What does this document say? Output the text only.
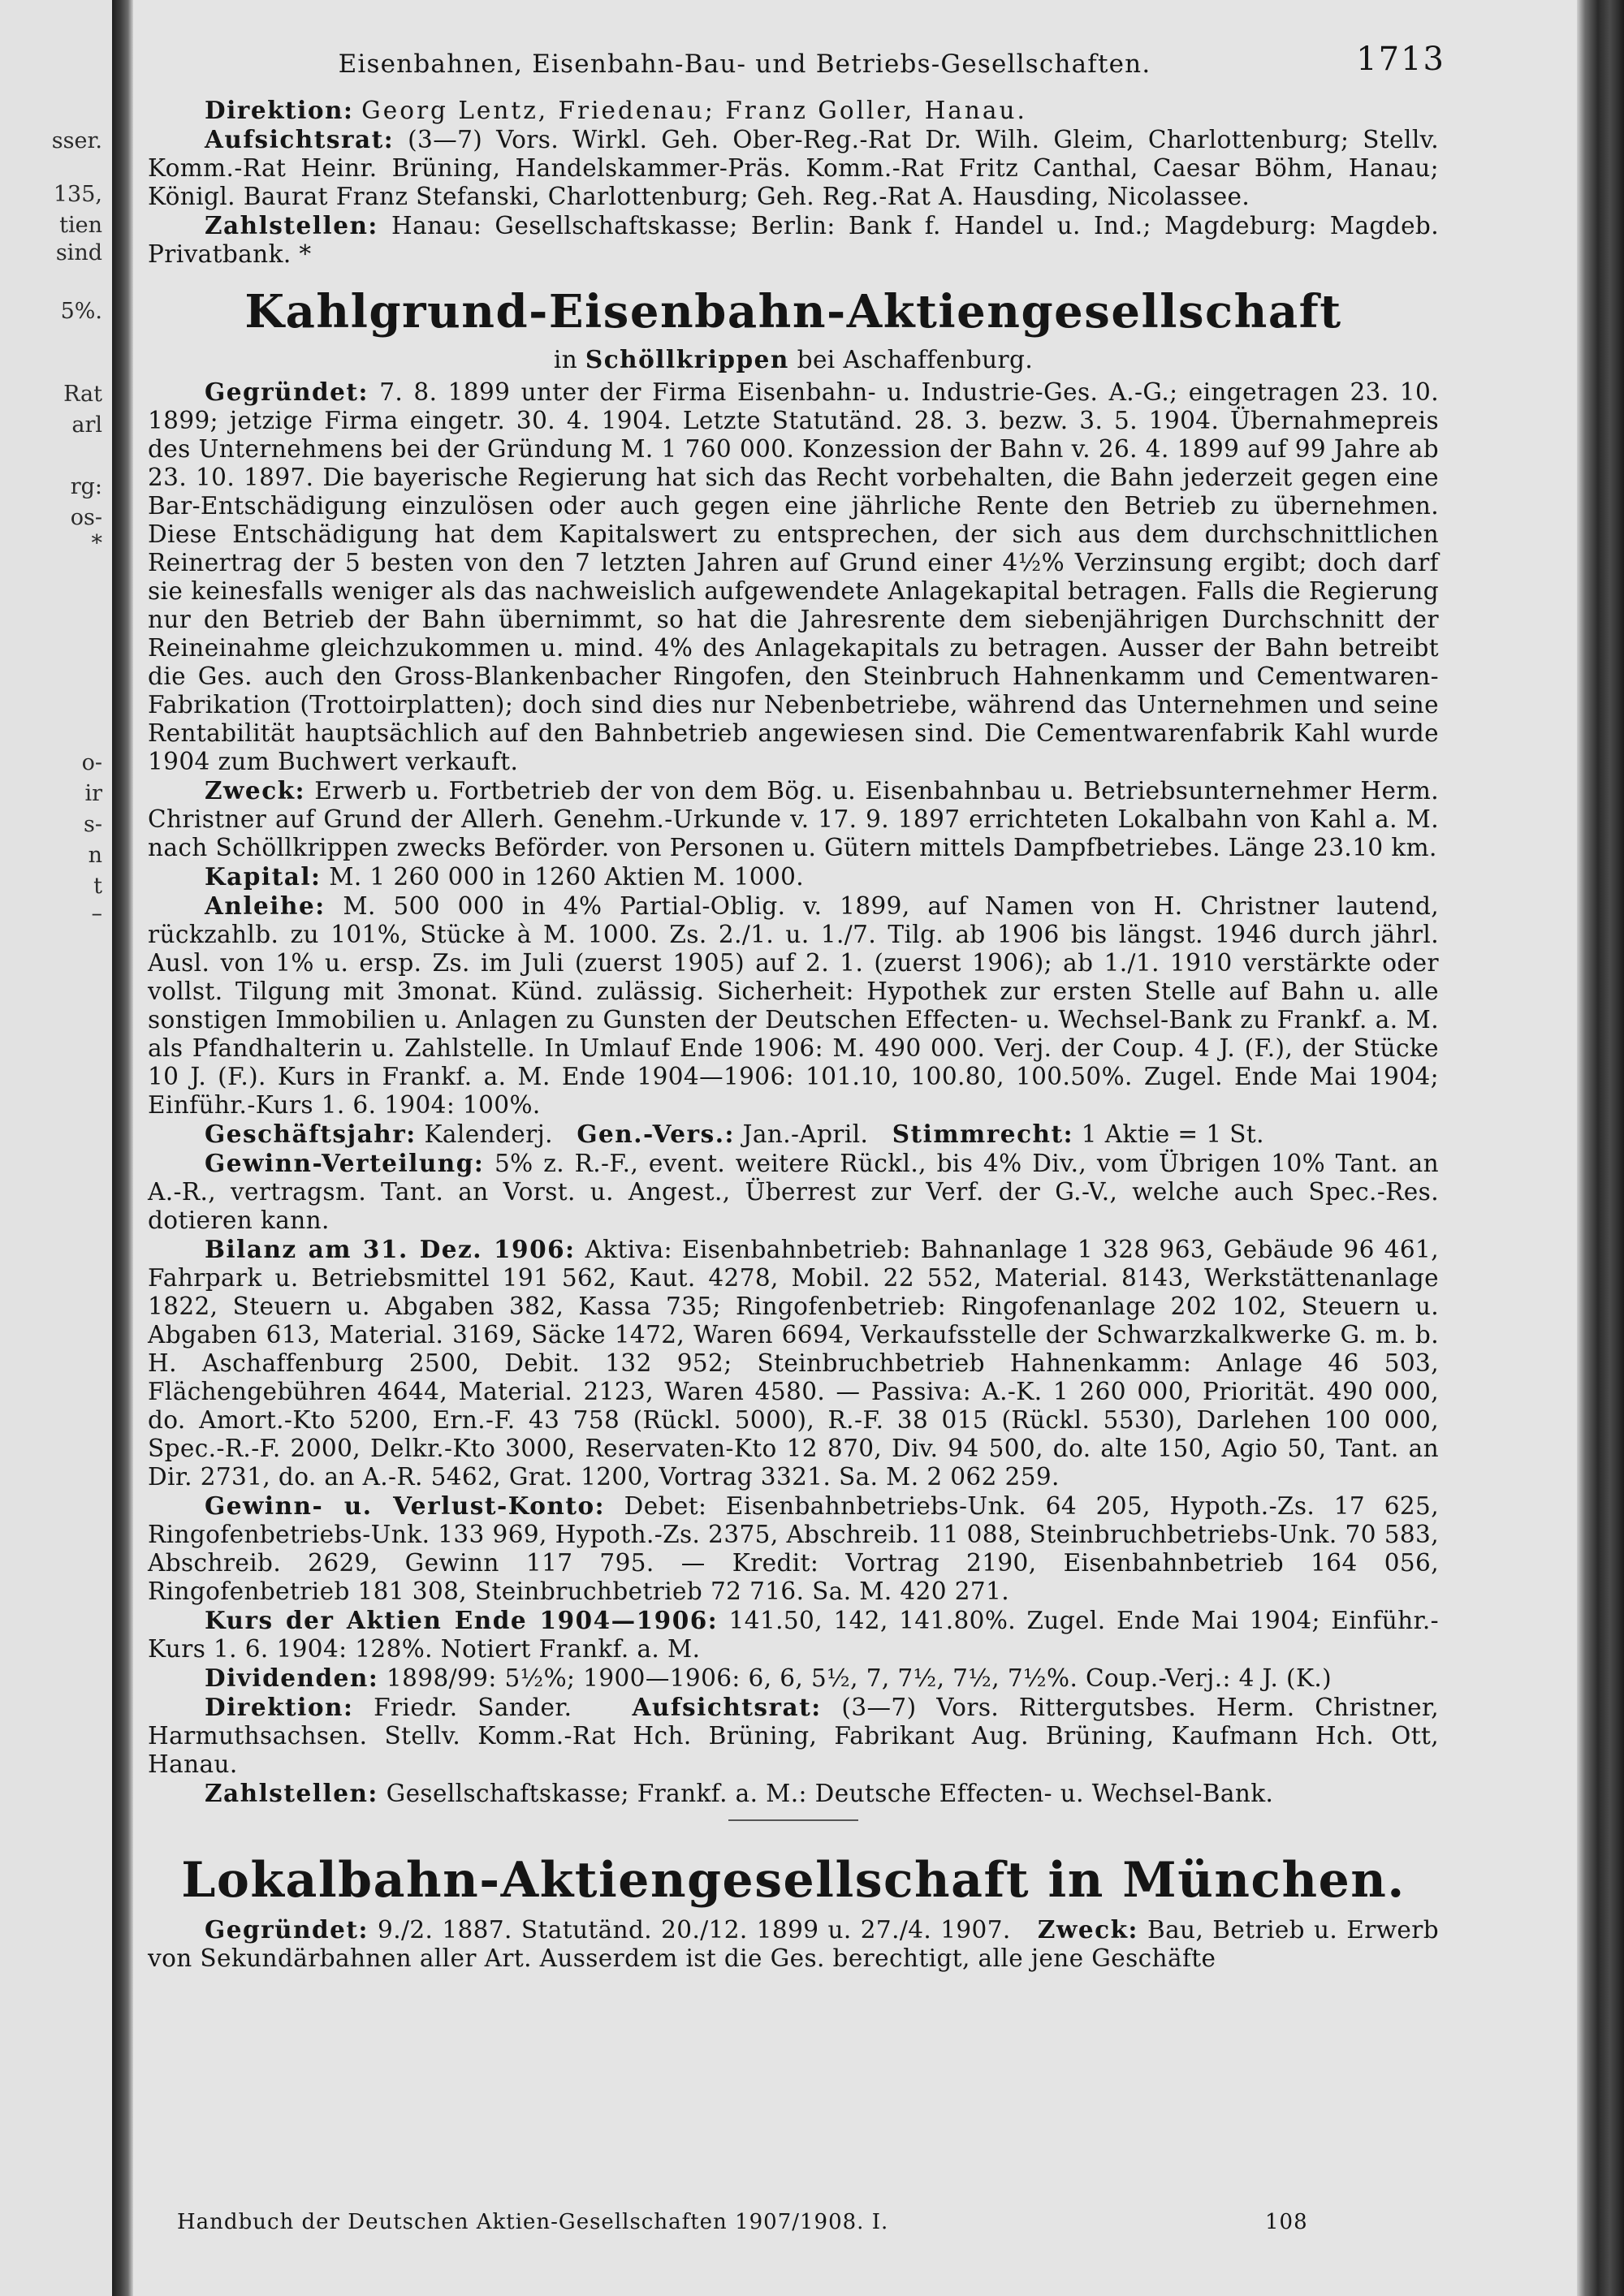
sser.
135,
tien
sind
5%.
Rat
arl
rg:
os-
*
o-
ir
s-
n
t
–
Eisenbahnen, Eisenbahn-Bau- und Betriebs-Gesellschaften.	1713

Direktion: Georg Lentz, Friedenau; Franz Goller, Hanau.

Aufsichtsrat: (3—7) Vors. Wirkl. Geh. Ober-Reg.-Rat Dr. Wilh. Gleim, Charlottenburg; Stellv. Komm.-Rat Heinr. Brüning, Handelskammer-Präs. Komm.-Rat Fritz Canthal, Caesar Böhm, Hanau; Königl. Baurat Franz Stefanski, Charlottenburg; Geh. Reg.-Rat A. Hausding, Nicolassee.

Zahlstellen: Hanau: Gesellschaftskasse; Berlin: Bank f. Handel u. Ind.; Magdeburg: Magdeb. Privatbank. *

Kahlgrund-Eisenbahn-Aktiengesellschaft
in Schöllkrippen bei Aschaffenburg.

Gegründet: 7. 8. 1899 unter der Firma Eisenbahn- u. Industrie-Ges. A.-G.; eingetragen 23. 10. 1899; jetzige Firma eingetr. 30. 4. 1904. Letzte Statutänd. 28. 3. bezw. 3. 5. 1904. Übernahmepreis des Unternehmens bei der Gründung M. 1 760 000. Konzession der Bahn v. 26. 4. 1899 auf 99 Jahre ab 23. 10. 1897. Die bayerische Regierung hat sich das Recht vorbehalten, die Bahn jederzeit gegen eine Bar-Entschädigung einzulösen oder auch gegen eine jährliche Rente den Betrieb zu übernehmen. Diese Entschädigung hat dem Kapitalswert zu entsprechen, der sich aus dem durchschnittlichen Reinertrag der 5 besten von den 7 letzten Jahren auf Grund einer 4½% Verzinsung ergibt; doch darf sie keinesfalls weniger als das nachweislich aufgewendete Anlagekapital betragen. Falls die Regierung nur den Betrieb der Bahn übernimmt, so hat die Jahresrente dem siebenjährigen Durchschnitt der Reineinahme gleichzukommen u. mind. 4% des Anlagekapitals zu betragen. Ausser der Bahn betreibt die Ges. auch den Gross-Blankenbacher Ringofen, den Steinbruch Hahnenkamm und Cementwaren-Fabrikation (Trottoirplatten); doch sind dies nur Nebenbetriebe, während das Unternehmen und seine Rentabilität hauptsächlich auf den Bahnbetrieb angewiesen sind. Die Cementwarenfabrik Kahl wurde 1904 zum Buchwert verkauft.

Zweck: Erwerb u. Fortbetrieb der von dem Bög. u. Eisenbahnbau u. Betriebsunternehmer Herm. Christner auf Grund der Allerh. Genehm.-Urkunde v. 17. 9. 1897 errichteten Lokalbahn von Kahl a. M. nach Schöllkrippen zwecks Beförder. von Personen u. Gütern mittels Dampfbetriebes. Länge 23.10 km.

Kapital: M. 1 260 000 in 1260 Aktien M. 1000.

Anleihe: M. 500 000 in 4% Partial-Oblig. v. 1899, auf Namen von H. Christner lautend, rückzahlb. zu 101%, Stücke à M. 1000. Zs. 2./1. u. 1./7. Tilg. ab 1906 bis längst. 1946 durch jährl. Ausl. von 1% u. ersp. Zs. im Juli (zuerst 1905) auf 2. 1. (zuerst 1906); ab 1./1. 1910 verstärkte oder vollst. Tilgung mit 3monat. Künd. zulässig. Sicherheit: Hypothek zur ersten Stelle auf Bahn u. alle sonstigen Immobilien u. Anlagen zu Gunsten der Deutschen Effecten- u. Wechsel-Bank zu Frankf. a. M. als Pfandhalterin u. Zahlstelle. In Umlauf Ende 1906: M. 490 000. Verj. der Coup. 4 J. (F.), der Stücke 10 J. (F.). Kurs in Frankf. a. M. Ende 1904—1906: 101.10, 100.80, 100.50%. Zugel. Ende Mai 1904; Einführ.-Kurs 1. 6. 1904: 100%.

Geschäftsjahr: Kalenderj. Gen.-Vers.: Jan.-April. Stimmrecht: 1 Aktie = 1 St.

Gewinn-Verteilung: 5% z. R.-F., event. weitere Rückl., bis 4% Div., vom Übrigen 10% Tant. an A.-R., vertragsm. Tant. an Vorst. u. Angest., Überrest zur Verf. der G.-V., welche auch Spec.-Res. dotieren kann.

Bilanz am 31. Dez. 1906: Aktiva: Eisenbahnbetrieb: Bahnanlage 1 328 963, Gebäude 96 461, Fahrpark u. Betriebsmittel 191 562, Kaut. 4278, Mobil. 22 552, Material. 8143, Werkstättenanlage 1822, Steuern u. Abgaben 382, Kassa 735; Ringofenbetrieb: Ringofenanlage 202 102, Steuern u. Abgaben 613, Material. 3169, Säcke 1472, Waren 6694, Verkaufsstelle der Schwarzkalkwerke G. m. b. H. Aschaffenburg 2500, Debit. 132 952; Steinbruchbetrieb Hahnenkamm: Anlage 46 503, Flächengebühren 4644, Material. 2123, Waren 4580. — Passiva: A.-K. 1 260 000, Priorität. 490 000, do. Amort.-Kto 5200, Ern.-F. 43 758 (Rückl. 5000), R.-F. 38 015 (Rückl. 5530), Darlehen 100 000, Spec.-R.-F. 2000, Delkr.-Kto 3000, Reservaten-Kto 12 870, Div. 94 500, do. alte 150, Agio 50, Tant. an Dir. 2731, do. an A.-R. 5462, Grat. 1200, Vortrag 3321. Sa. M. 2 062 259.

Gewinn- u. Verlust-Konto: Debet: Eisenbahnbetriebs-Unk. 64 205, Hypoth.-Zs. 17 625, Ringofenbetriebs-Unk. 133 969, Hypoth.-Zs. 2375, Abschreib. 11 088, Steinbruchbetriebs-Unk. 70 583, Abschreib. 2629, Gewinn 117 795. — Kredit: Vortrag 2190, Eisenbahnbetrieb 164 056, Ringofenbetrieb 181 308, Steinbruchbetrieb 72 716. Sa. M. 420 271.

Kurs der Aktien Ende 1904—1906: 141.50, 142, 141.80%. Zugel. Ende Mai 1904; Einführ.-Kurs 1. 6. 1904: 128%. Notiert Frankf. a. M.

Dividenden: 1898/99: 5½%; 1900—1906: 6, 6, 5½, 7, 7½, 7½, 7½%. Coup.-Verj.: 4 J. (K.)

Direktion: Friedr. Sander.	Aufsichtsrat: (3—7) Vors. Rittergutsbes. Herm. Christner, Harmuthsachsen. Stellv. Komm.-Rat Hch. Brüning, Fabrikant Aug. Brüning, Kaufmann Hch. Ott, Hanau.

Zahlstellen: Gesellschaftskasse; Frankf. a. M.: Deutsche Effecten- u. Wechsel-Bank.

Lokalbahn-Aktiengesellschaft in München.

Gegründet: 9./2. 1887. Statutänd. 20./12. 1899 u. 27./4. 1907. Zweck: Bau, Betrieb u. Erwerb von Sekundärbahnen aller Art. Ausserdem ist die Ges. berechtigt, alle jene Geschäfte

Handbuch der Deutschen Aktien-Gesellschaften 1907/1908. I.	108
